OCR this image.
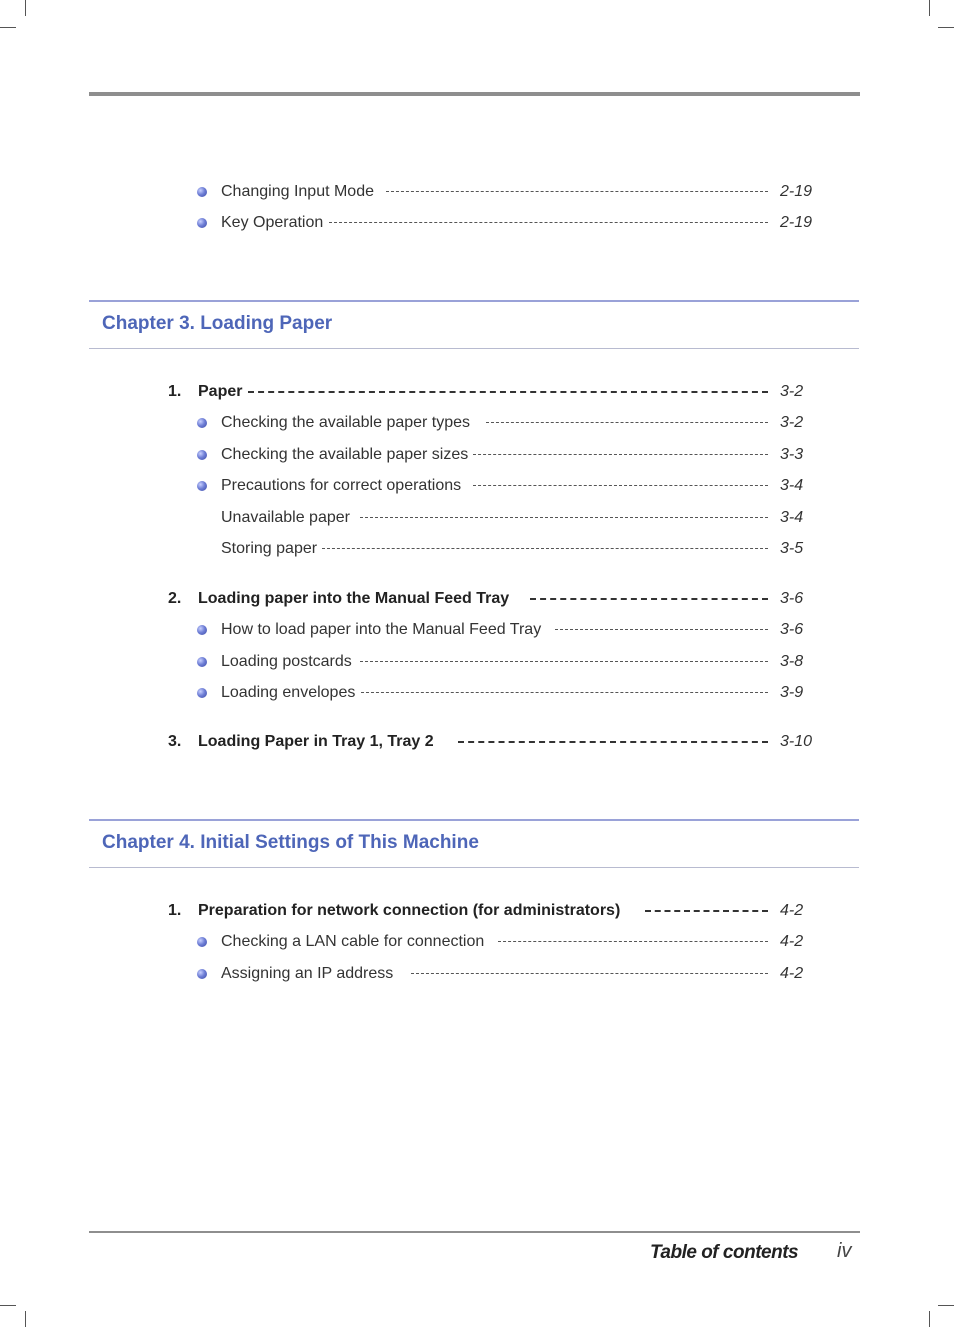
Changing Input Mode	2-19
Key Operation	2-19
Chapter 3. Loading Paper
1. Paper	3-2
Checking the available paper types	3-2
Checking the available paper sizes	3-3
Precautions for correct operations	3-4
Unavailable paper	3-4
Storing paper	3-5
2. Loading paper into the Manual Feed Tray	3-6
How to load paper into the Manual Feed Tray	3-6
Loading postcards	3-8
Loading envelopes	3-9
3. Loading Paper in Tray 1, Tray 2	3-10
Chapter 4. Initial Settings of This Machine
1. Preparation for network connection (for administrators)	4-2
Checking a LAN cable for connection	4-2
Assigning an IP address	4-2
Table of contents iv
